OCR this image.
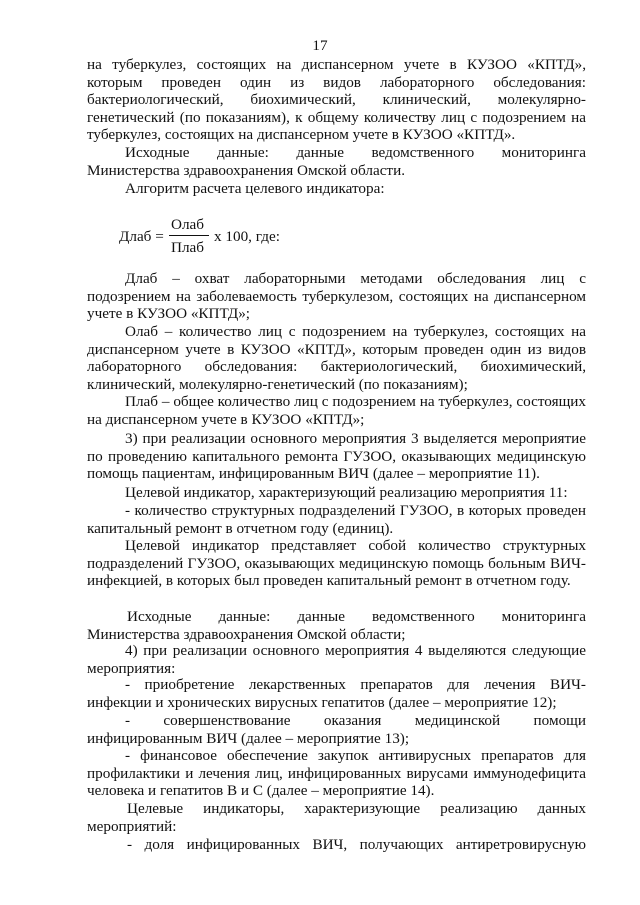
17

на туберкулез, состоящих на диспансерном учете в КУЗОО «КПТД», которым проведен один из видов лабораторного обследования: бактериологический, биохимический, клинический, молекулярно-генетический (по показаниям), к общему количеству лиц с подозрением на туберкулез, состоящих на диспансерном учете в КУЗОО «КПТД».

Исходные данные: данные ведомственного мониторинга Министерства здравоохранения Омской области.

Алгоритм расчета целевого индикатора:

Длаб =
Олаб
Плаб
x 100, где:

Длаб – охват лабораторными методами обследования лиц с подозрением на заболеваемость туберкулезом, состоящих на диспансерном учете в КУЗОО «КПТД»;

Олаб – количество лиц с подозрением на туберкулез, состоящих на диспансерном учете в КУЗОО «КПТД», которым проведен один из видов лабораторного обследования: бактериологический, биохимический, клинический, молекулярно-генетический (по показаниям);

Плаб – общее количество лиц с подозрением на туберкулез, состоящих на диспансерном учете в КУЗОО «КПТД»;

3) при реализации основного мероприятия 3 выделяется мероприятие по проведению капитального ремонта ГУЗОО, оказывающих медицинскую помощь пациентам, инфицированным ВИЧ (далее – мероприятие 11).

Целевой индикатор, характеризующий реализацию мероприятия 11:

- количество структурных подразделений ГУЗОО, в которых проведен капитальный ремонт в отчетном году (единиц).

Целевой индикатор представляет собой количество структурных подразделений ГУЗОО, оказывающих медицинскую помощь больным ВИЧ-инфекцией, в которых был проведен капитальный ремонт в отчетном году.

Исходные данные: данные ведомственного мониторинга Министерства здравоохранения Омской области;

4) при реализации основного мероприятия 4 выделяются следующие мероприятия:

- приобретение лекарственных препаратов для лечения ВИЧ-инфекции и хронических вирусных гепатитов (далее – мероприятие 12);

- совершенствование оказания медицинской помощи инфицированным ВИЧ (далее – мероприятие 13);

- финансовое обеспечение закупок антивирусных препаратов для профилактики и лечения лиц, инфицированных вирусами иммунодефицита человека и гепатитов В и С (далее – мероприятие 14).

Целевые индикаторы, характеризующие реализацию данных мероприятий:

- доля инфицированных ВИЧ, получающих антиретровирусную
